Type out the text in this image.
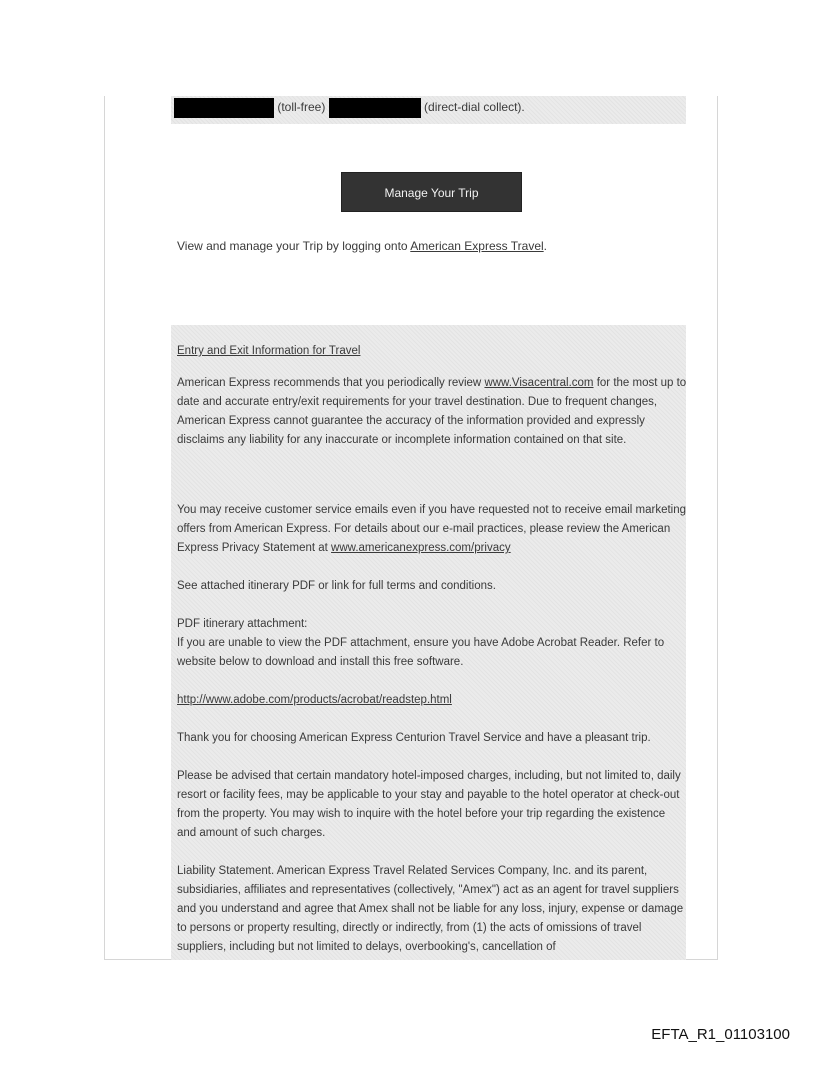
(toll-free)	(direct-dial collect).
Manage Your Trip
View and manage your Trip by logging onto American Express Travel.
Entry and Exit Information for Travel
American Express recommends that you periodically review www.Visacentral.com for the most up to date and accurate entry/exit requirements for your travel destination. Due to frequent changes, American Express cannot guarantee the accuracy of the information provided and expressly disclaims any liability for any inaccurate or incomplete information contained on that site.
You may receive customer service emails even if you have requested not to receive email marketing offers from American Express. For details about our e-mail practices, please review the American Express Privacy Statement at www.americanexpress.com/privacy
See attached itinerary PDF or link for full terms and conditions.
PDF itinerary attachment:
If you are unable to view the PDF attachment, ensure you have Adobe Acrobat Reader. Refer to website below to download and install this free software.
http://www.adobe.com/products/acrobat/readstep.html
Thank you for choosing American Express Centurion Travel Service and have a pleasant trip.
Please be advised that certain mandatory hotel-imposed charges, including, but not limited to, daily resort or facility fees, may be applicable to your stay and payable to the hotel operator at check-out from the property. You may wish to inquire with the hotel before your trip regarding the existence and amount of such charges.
Liability Statement. American Express Travel Related Services Company, Inc. and its parent, subsidiaries, affiliates and representatives (collectively, "Amex") act as an agent for travel suppliers and you understand and agree that Amex shall not be liable for any loss, injury, expense or damage to persons or property resulting, directly or indirectly, from (1) the acts of omissions of travel suppliers, including but not limited to delays, overbooking's, cancellation of
EFTA_R1_01103100
